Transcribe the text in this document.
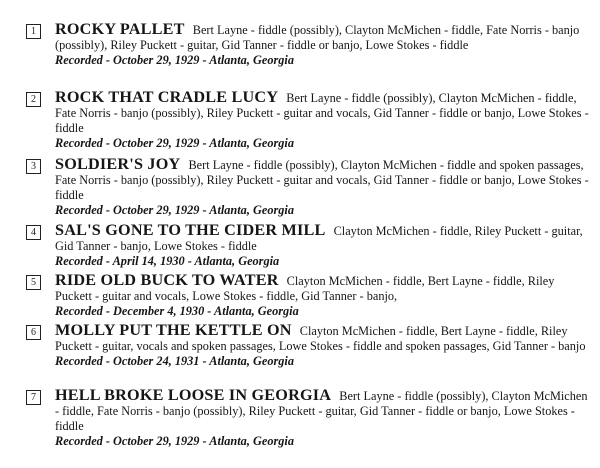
1	ROCKY PALLET Bert Layne - fiddle (possibly), Clayton McMichen - fiddle, Fate Norris - banjo (possibly), Riley Puckett - guitar, Gid Tanner - fiddle or banjo, Lowe Stokes - fiddle
Recorded - October 29, 1929 - Atlanta, Georgia
2	ROCK THAT CRADLE LUCY Bert Layne - fiddle (possibly), Clayton McMichen - fiddle, Fate Norris - banjo (possibly), Riley Puckett - guitar and vocals, Gid Tanner - fiddle or banjo, Lowe Stokes - fiddle
Recorded - October 29, 1929 - Atlanta, Georgia
3	SOLDIER'S JOY Bert Layne - fiddle (possibly), Clayton McMichen - fiddle and spoken passages, Fate Norris - banjo (possibly), Riley Puckett - guitar and vocals, Gid Tanner - fiddle or banjo, Lowe Stokes - fiddle
Recorded - October 29, 1929 - Atlanta, Georgia
4	SAL'S GONE TO THE CIDER MILL Clayton McMichen - fiddle, Riley Puckett - guitar, Gid Tanner - banjo, Lowe Stokes - fiddle
Recorded - April 14, 1930 - Atlanta, Georgia
5	RIDE OLD BUCK TO WATER Clayton McMichen - fiddle, Bert Layne - fiddle, Riley Puckett - guitar and vocals, Lowe Stokes - fiddle, Gid Tanner - banjo,
Recorded - December 4, 1930 - Atlanta, Georgia
6	MOLLY PUT THE KETTLE ON Clayton McMichen - fiddle, Bert Layne - fiddle, Riley Puckett - guitar, vocals and spoken passages, Lowe Stokes - fiddle and spoken passages, Gid Tanner - banjo
Recorded - October 24, 1931 - Atlanta, Georgia
7	HELL BROKE LOOSE IN GEORGIA Bert Layne - fiddle (possibly), Clayton McMichen - fiddle, Fate Norris - banjo (possibly), Riley Puckett - guitar, Gid Tanner - fiddle or banjo, Lowe Stokes - fiddle
Recorded - October 29, 1929 - Atlanta, Georgia
